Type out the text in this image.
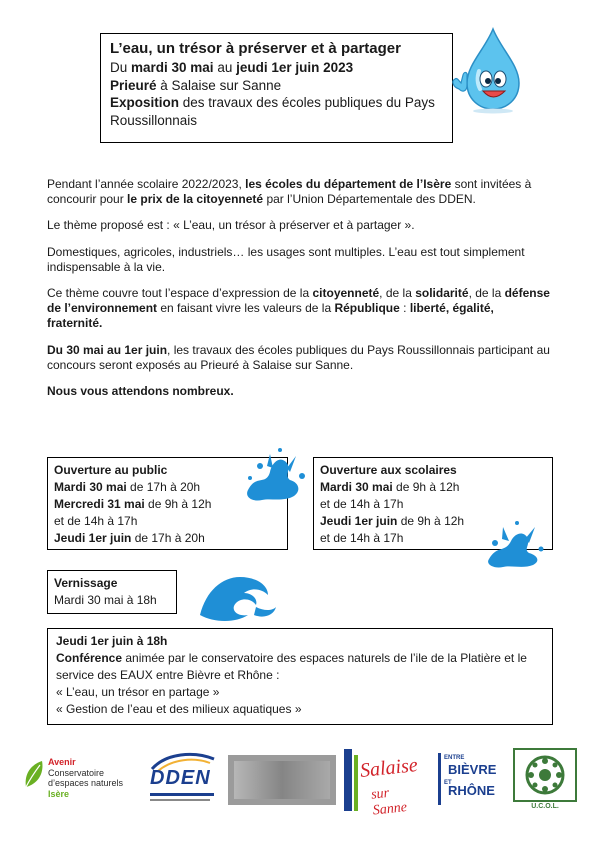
L’eau, un trésor à préserver et à partager
Du mardi 30 mai au jeudi 1er juin 2023
Prieuré à Salaise sur Sanne
Exposition des travaux des écoles publiques du Pays Roussillonnais

Pendant l’année scolaire 2022/2023, les écoles du département de l’Isère sont invitées à concourir pour le prix de la citoyenneté par l’Union Départementale des DDEN.

Le thème proposé est : « L’eau, un trésor à préserver et à partager ».

Domestiques, agricoles, industriels… les usages sont multiples. L’eau est tout simplement indispensable à la vie.

Ce thème couvre tout l’espace d’expression de la citoyenneté, de la solidarité, de la défense de l’environnement en faisant vivre les valeurs de la République : liberté, égalité, fraternité.

Du 30 mai au 1er juin, les travaux des écoles publiques du Pays Roussillonnais participant au concours seront exposés au Prieuré à Salaise sur Sanne.

Nous vous attendons nombreux.

Ouverture au public
Mardi 30 mai de 17h à 20h
Mercredi 31 mai de 9h à 12h
et de 14h à 17h
Jeudi 1er juin de 17h à 20h
Ouverture aux scolaires
Mardi 30 mai de 9h à 12h
et de 14h à 17h
Jeudi 1er juin de 9h à 12h
et de 14h à 17h
Vernissage
Mardi 30 mai à 18h
Jeudi 1er juin à 18h
Conférence animée par le conservatoire des espaces naturels de l’ile de la Platière et le service des EAUX entre Bièvre et Rhône :
« L’eau, un trésor en partage »
« Gestion de l’eau et des milieux aquatiques »
Avenir
Conservatoire
d’espaces naturels
Isère
DDEN	Salaise
sur Sanne
ENTRE
BIÈVRE
ET
RHÔNE
U.C.O.L.
